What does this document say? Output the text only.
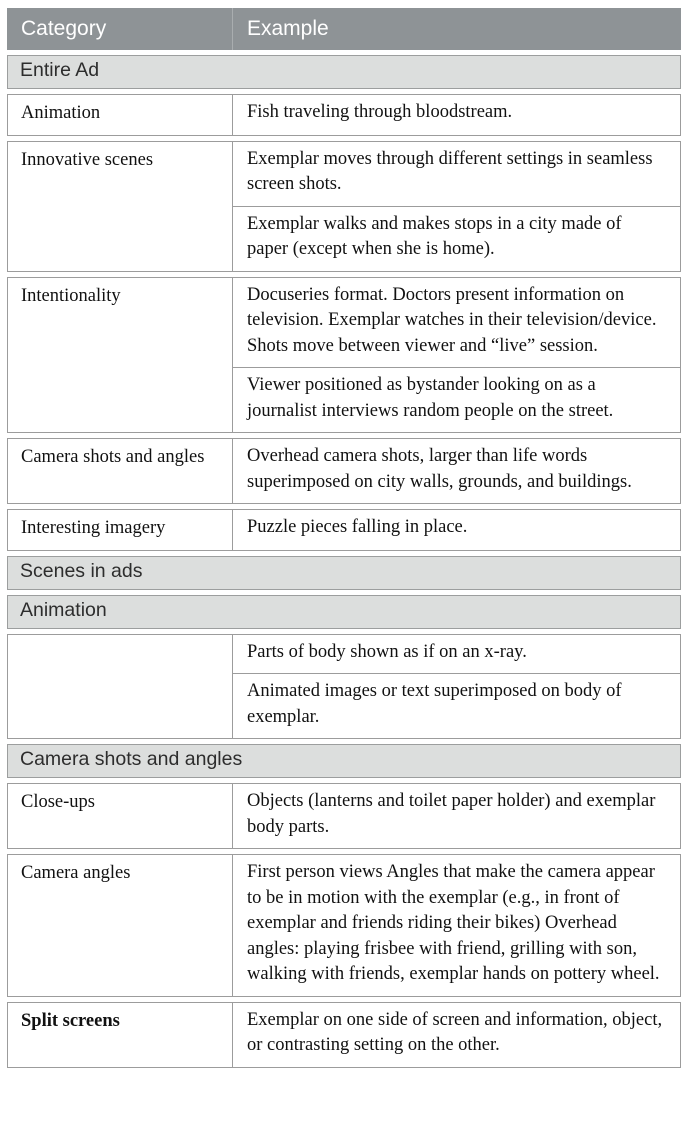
Category	Example
Entire Ad
Animation	Fish traveling through bloodstream.
Innovative scenes	Exemplar moves through different settings in seamless screen shots.
Exemplar walks and makes stops in a city made of paper (except when she is home).
Intentionality	Docuseries format. Doctors present information on television. Exemplar watches in their television/device. Shots move between viewer and “live” session.
Viewer positioned as bystander looking on as a journalist interviews random people on the street.
Camera shots and angles	Overhead camera shots, larger than life words superimposed on city walls, grounds, and buildings.
Interesting imagery	Puzzle pieces falling in place.
Scenes in ads
Animation
Parts of body shown as if on an x-ray.
Animated images or text superimposed on body of exemplar.
Camera shots and angles
Close-ups	Objects (lanterns and toilet paper holder) and exemplar body parts.
Camera angles	First person views Angles that make the camera appear to be in motion with the exemplar (e.g., in front of exemplar and friends riding their bikes) Overhead angles: playing frisbee with friend, grilling with son, walking with friends, exemplar hands on pottery wheel.
Split screens	Exemplar on one side of screen and information, object, or contrasting setting on the other.
